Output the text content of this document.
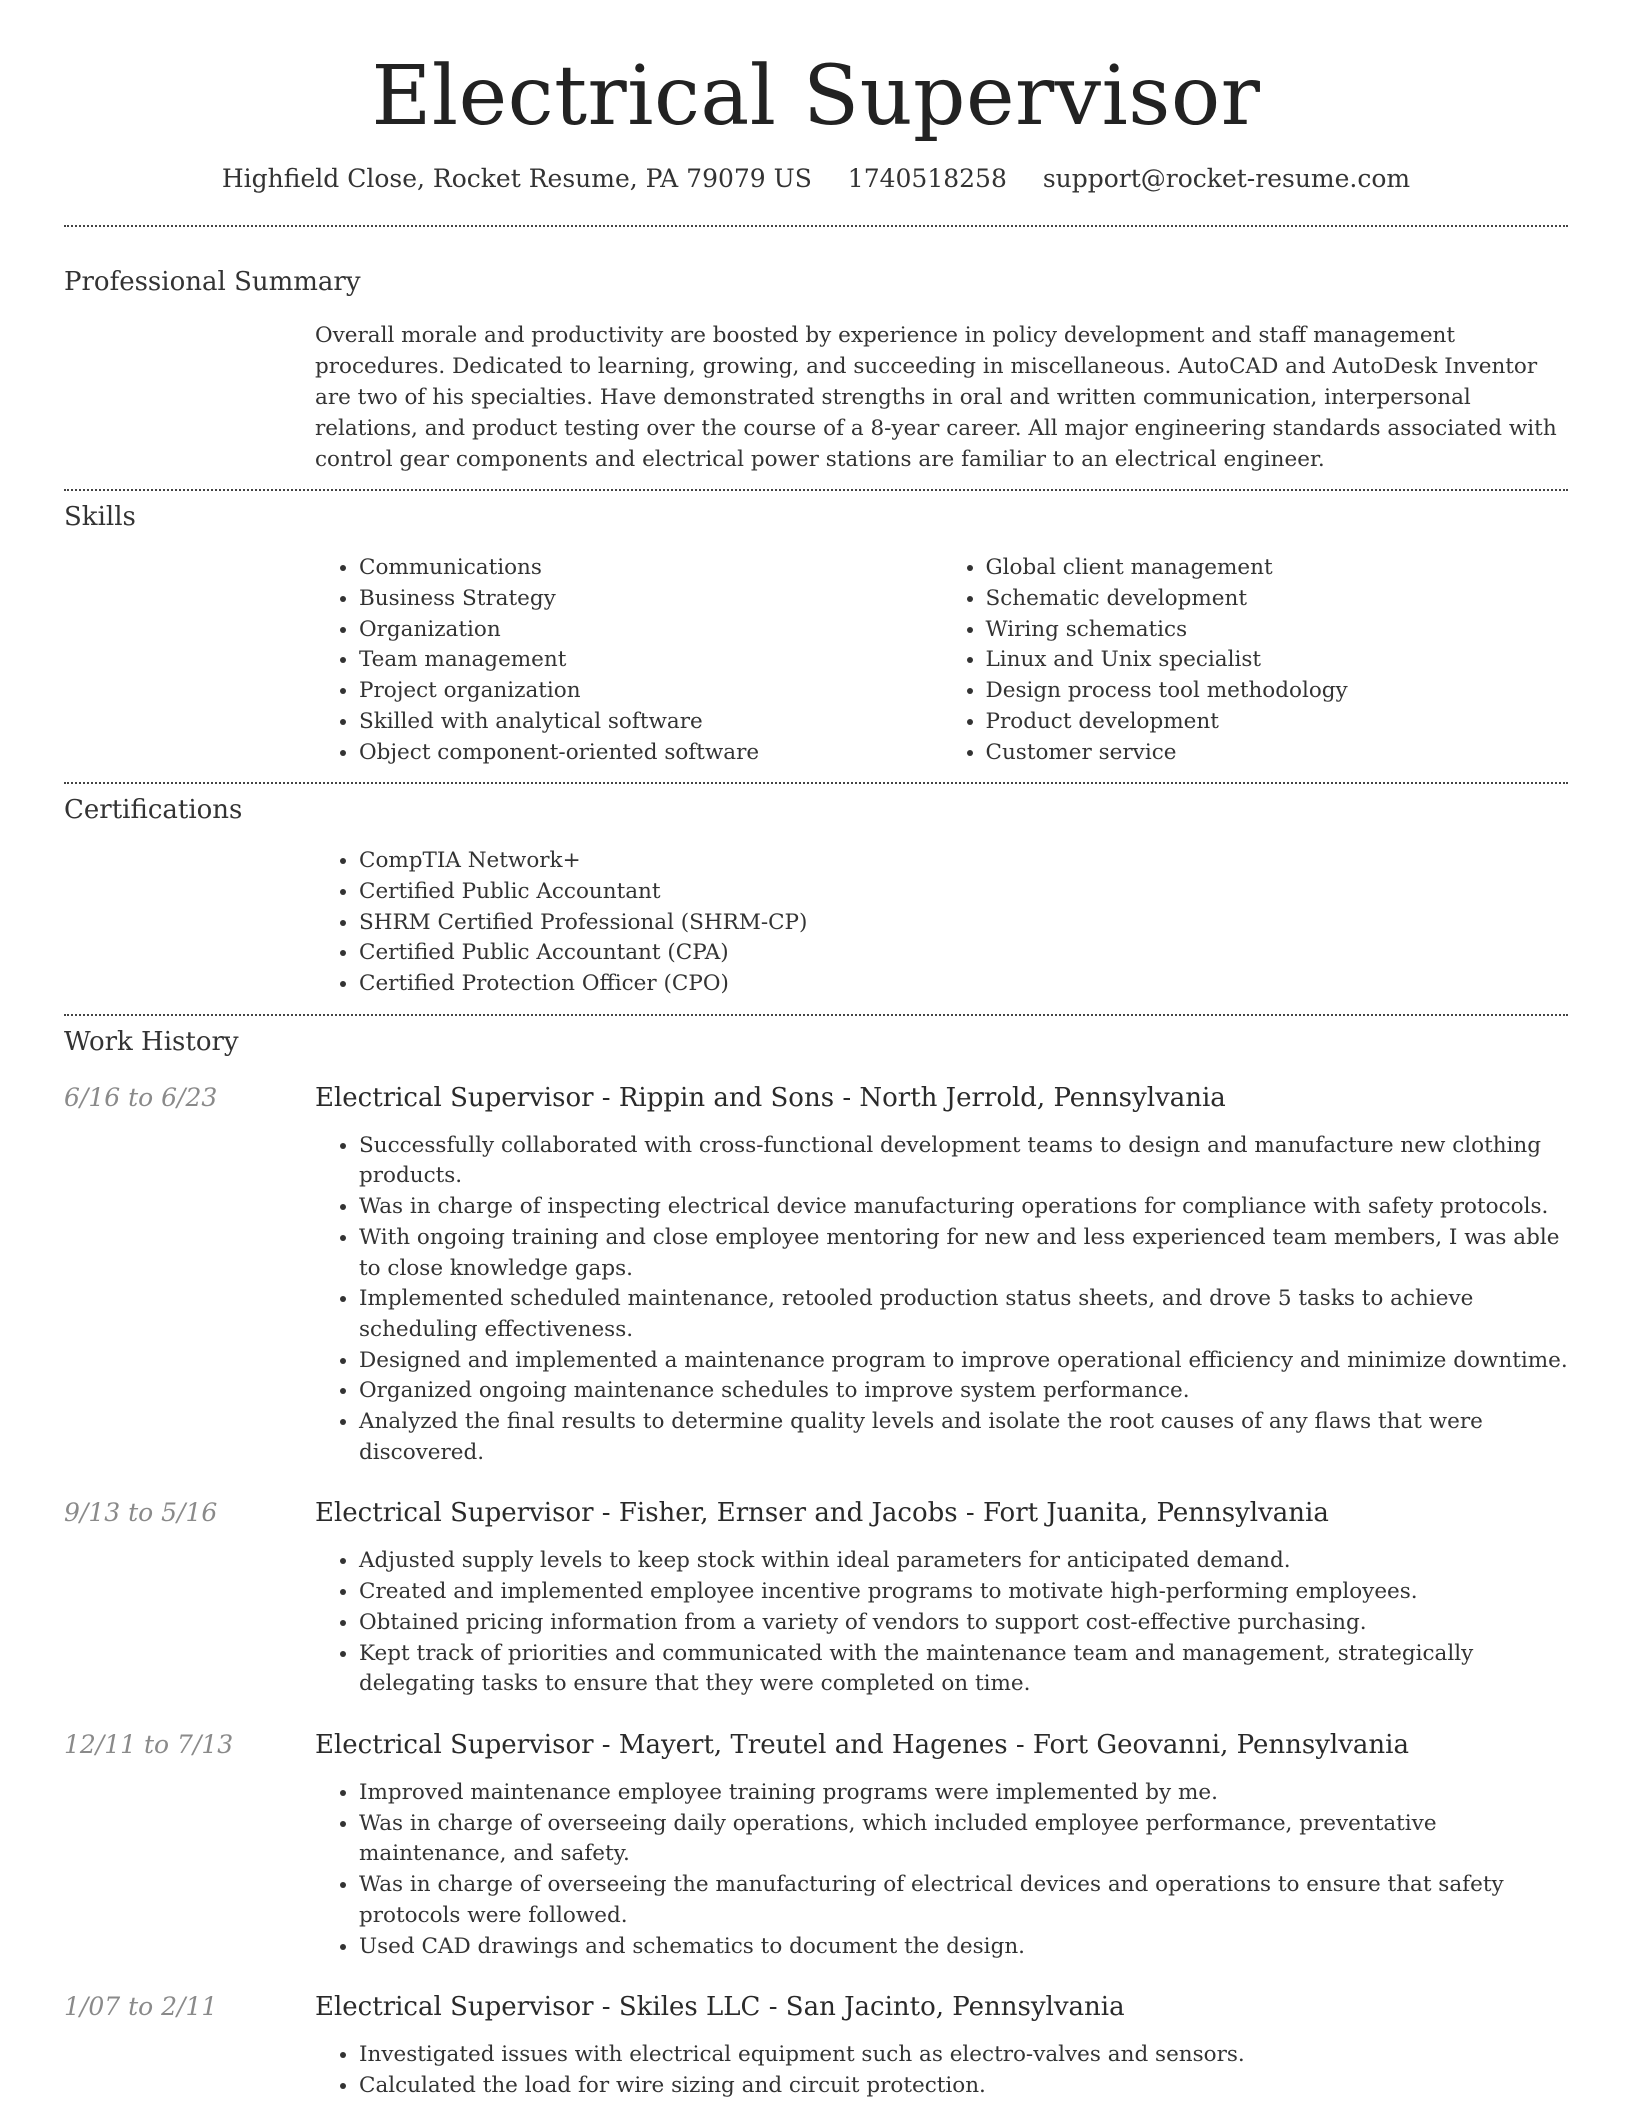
Electrical Supervisor
Highfield Close, Rocket Resume, PA 79079 US 1740518258 support@rocket-resume.com
Professional Summary

Overall morale and productivity are boosted by experience in policy development and staff management procedures. Dedicated to learning, growing, and succeeding in miscellaneous. AutoCAD and AutoDesk Inventor are two of his specialties. Have demonstrated strengths in oral and written communication, interpersonal relations, and product testing over the course of a 8-year career. All major engineering standards associated with control gear components and electrical power stations are familiar to an electrical engineer.

Skills
• Communications
• Business Strategy
• Organization
• Team management
• Project organization
• Skilled with analytical software
• Object component-oriented software
• Global client management
• Schematic development
• Wiring schematics
• Linux and Unix specialist
• Design process tool methodology
• Product development
• Customer service
Certifications
• CompTIA Network+
• Certified Public Accountant
• SHRM Certified Professional (SHRM-CP)
• Certified Public Accountant (CPA)
• Certified Protection Officer (CPO)
Work History
6/16 to 6/23	Electrical Supervisor - Rippin and Sons - North Jerrold, Pennsylvania
• Successfully collaborated with cross-functional development teams to design and manufacture new clothing products.
• Was in charge of inspecting electrical device manufacturing operations for compliance with safety protocols.
• With ongoing training and close employee mentoring for new and less experienced team members, I was able to close knowledge gaps.
• Implemented scheduled maintenance, retooled production status sheets, and drove 5 tasks to achieve scheduling effectiveness.
• Designed and implemented a maintenance program to improve operational efficiency and minimize downtime.
• Organized ongoing maintenance schedules to improve system performance.
• Analyzed the final results to determine quality levels and isolate the root causes of any flaws that were discovered.
9/13 to 5/16	Electrical Supervisor - Fisher, Ernser and Jacobs - Fort Juanita, Pennsylvania
• Adjusted supply levels to keep stock within ideal parameters for anticipated demand.
• Created and implemented employee incentive programs to motivate high-performing employees.
• Obtained pricing information from a variety of vendors to support cost-effective purchasing.
• Kept track of priorities and communicated with the maintenance team and management, strategically delegating tasks to ensure that they were completed on time.
12/11 to 7/13	Electrical Supervisor - Mayert, Treutel and Hagenes - Fort Geovanni, Pennsylvania
• Improved maintenance employee training programs were implemented by me.
• Was in charge of overseeing daily operations, which included employee performance, preventative maintenance, and safety.
• Was in charge of overseeing the manufacturing of electrical devices and operations to ensure that safety protocols were followed.
• Used CAD drawings and schematics to document the design.
1/07 to 2/11	Electrical Supervisor - Skiles LLC - San Jacinto, Pennsylvania
• Investigated issues with electrical equipment such as electro-valves and sensors.
• Calculated the load for wire sizing and circuit protection.
